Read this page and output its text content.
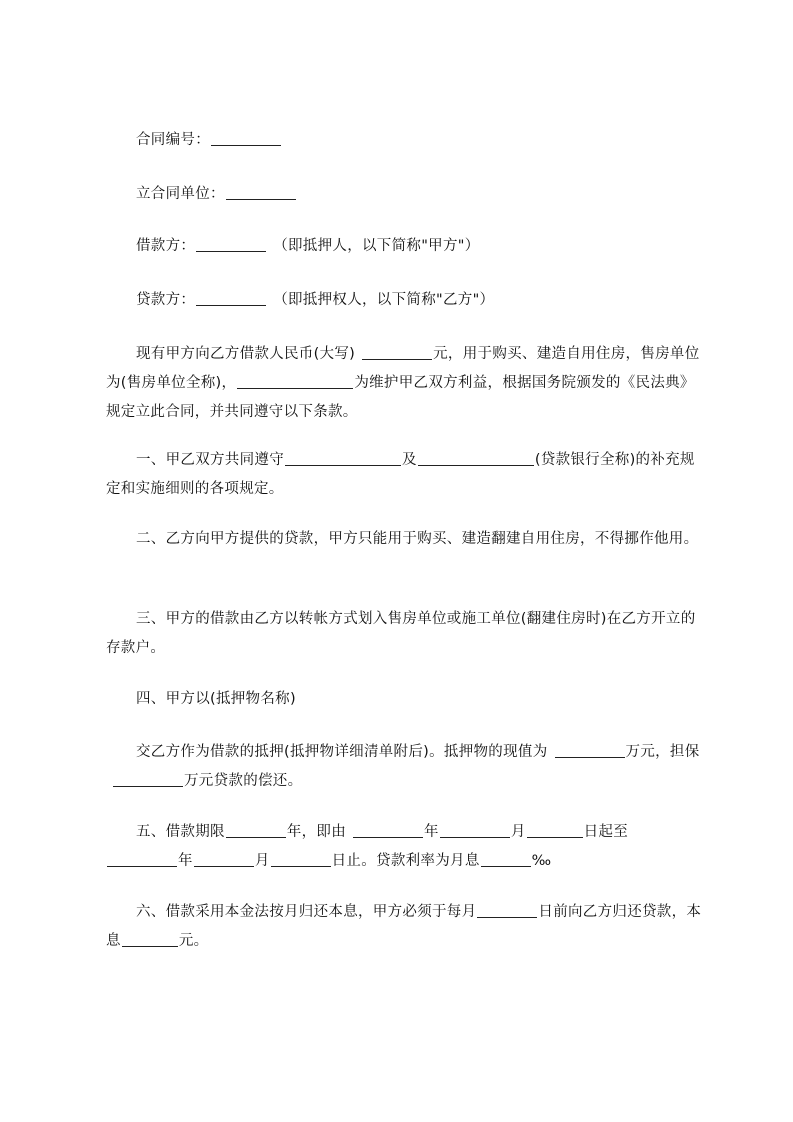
合同编号：

立合同单位：

借款方：	（即抵押人，以下简称"甲方"）

贷款方：	（即抵押权人，以下简称"乙方"）

现有甲方向乙方借款人民币(大写)	元，用于购买、建造自用住房，售房单位为(售房单位全称)，	为维护甲乙双方利益，根据国务院颁发的《民法典》规定立此合同，并共同遵守以下条款。

一、甲乙双方共同遵守	及	(贷款银行全称)的补充规定和实施细则的各项规定。

二、乙方向甲方提供的贷款，甲方只能用于购买、建造翻建自用住房，不得挪作他用。

三、甲方的借款由乙方以转帐方式划入售房单位或施工单位(翻建住房时)在乙方开立的存款户。

四、甲方以(抵押物名称)

交乙方作为借款的抵押(抵押物详细清单附后)。抵押物的现值为	万元，担保万元贷款的偿还。

五、借款期限	年，即由	年	月	日起至年	月	日止。贷款利率为月息	‰

六、借款采用本金法按月归还本息，甲方必须于每月	日前向乙方归还贷款，本息	元。
